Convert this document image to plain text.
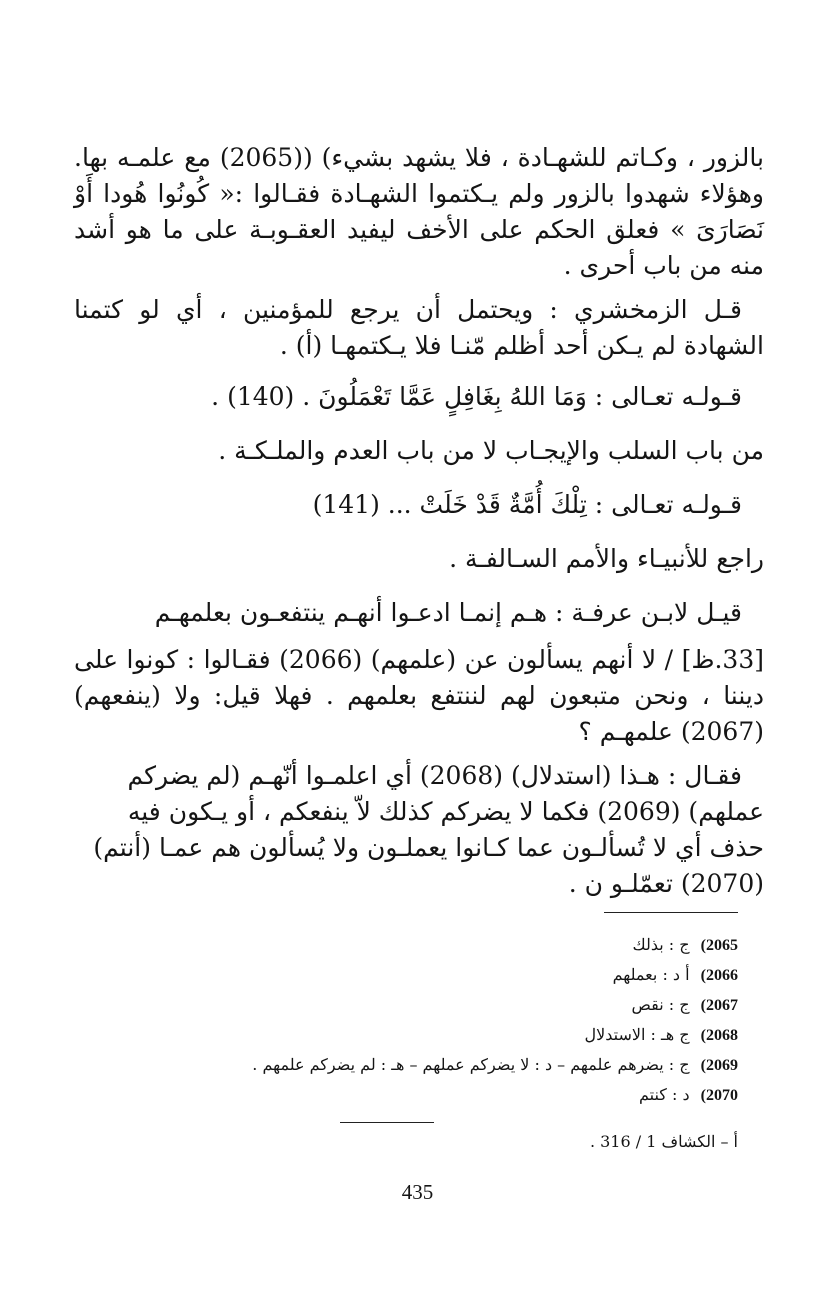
بالزور ، وكـاتم للشهـادة ، فلا يشهد بشيء) ((2065) مع علمـه بها. وهؤلاء شهدوا بالزور ولم يـكتموا الشهـادة فقـالوا :« كُونُوا هُودا أَوْ نَصَارَىَ » فعلق الحكم على الأخف ليفيد العقـوبـة على ما هو أشد منه من باب أحرى .

قـل الزمخشري : ويحتمل أن يرجع للمؤمنين ، أي لو كتمنا الشهادة لم يـكن أحد أظلم مّنـا فلا يـكتمهـا (أ) .

قـولـه تعـالى : وَمَا اللهُ بِغَافِلٍ عَمَّا تَعْمَلُونَ . (140) .

من باب السلب والإيجـاب لا من باب العدم والملـكـة .

قـولـه تعـالى : تِلْكَ أُمَّةٌ قَدْ خَلَتْ ... (141)

راجع للأنبيـاء والأمم السـالفـة .

قيـل لابـن عرفـة : هـم إنمـا ادعـوا أنهـم ينتفعـون بعلمهـم

[33.ظ] / لا أنهم يسألون عن (علمهم) (2066) فقـالوا : كونوا على ديننا ، ونحن متبعون لهم لننتفع بعلمهم . فهلا قيل: ولا (ينفعهم) (2067) علمهـم ؟

فقـال : هـذا (استدلال) (2068) أي اعلمـوا أنّهـم (لم يضركم عملهم) (2069) فكما لا يضركم كذلك لاّ ينفعكم ، أو يـكون فيه حذف أي لا تُسألـون عما كـانوا يعملـون ولا يُسألون هم عمـا (أنتم) (2070) تعمّلـو ن .

2065) ج : بذلك
2066) أ د : بعملهم
2067) ج : نقص
2068) ج هـ : الاستدلال
2069) ج : يضرهم علمهم – د : لا يضركم عملهم – هـ : لم يضركم علمهم .
2070) د : كنتم
أ – الكشاف 1 / 316 .
435
